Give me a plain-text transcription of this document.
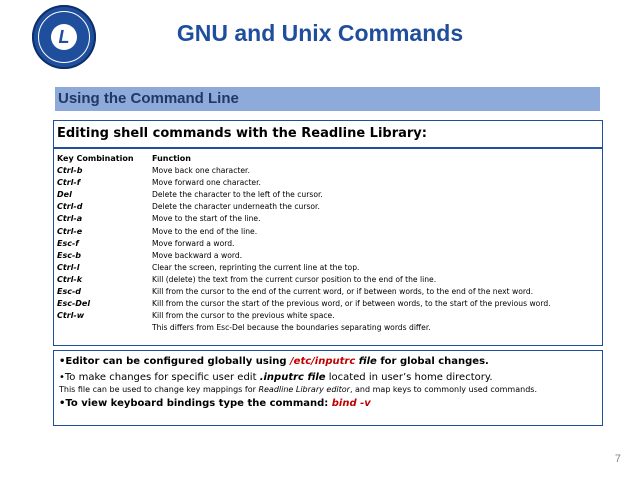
L	GNU and Unix Commands
Using the Command Line
Editing shell commands with the Readline Library:
Key Combination	Function
Ctrl-b	Move back one character.
Ctrl-f	Move forward one character.
Del	Delete the character to the left of the cursor.
Ctrl-d	Delete the character underneath the cursor.
Ctrl-a	Move to the start of the line.
Ctrl-e	Move to the end of the line.
Esc-f	Move forward a word.
Esc-b	Move backward a word.
Ctrl-l	Clear the screen, reprinting the current line at the top.
Ctrl-k	Kill (delete) the text from the current cursor position to the end of the line.
Esc-d	Kill from the cursor to the end of the current word, or if between words, to the end of the next word.
Esc-Del	Kill from the cursor the start of the previous word, or if between words, to the start of the previous word.
Ctrl-w	Kill from the cursor to the previous white space.
This differs from Esc-Del because the boundaries separating words differ.
•Editor can be configured globally using /etc/inputrc file for global changes.
•To make changes for specific user edit .inputrc file located in user’s home directory.
This file can be used to change key mappings for Readline Library editor, and map keys to commonly used commands.
•To view keyboard bindings type the command: bind -v
7
